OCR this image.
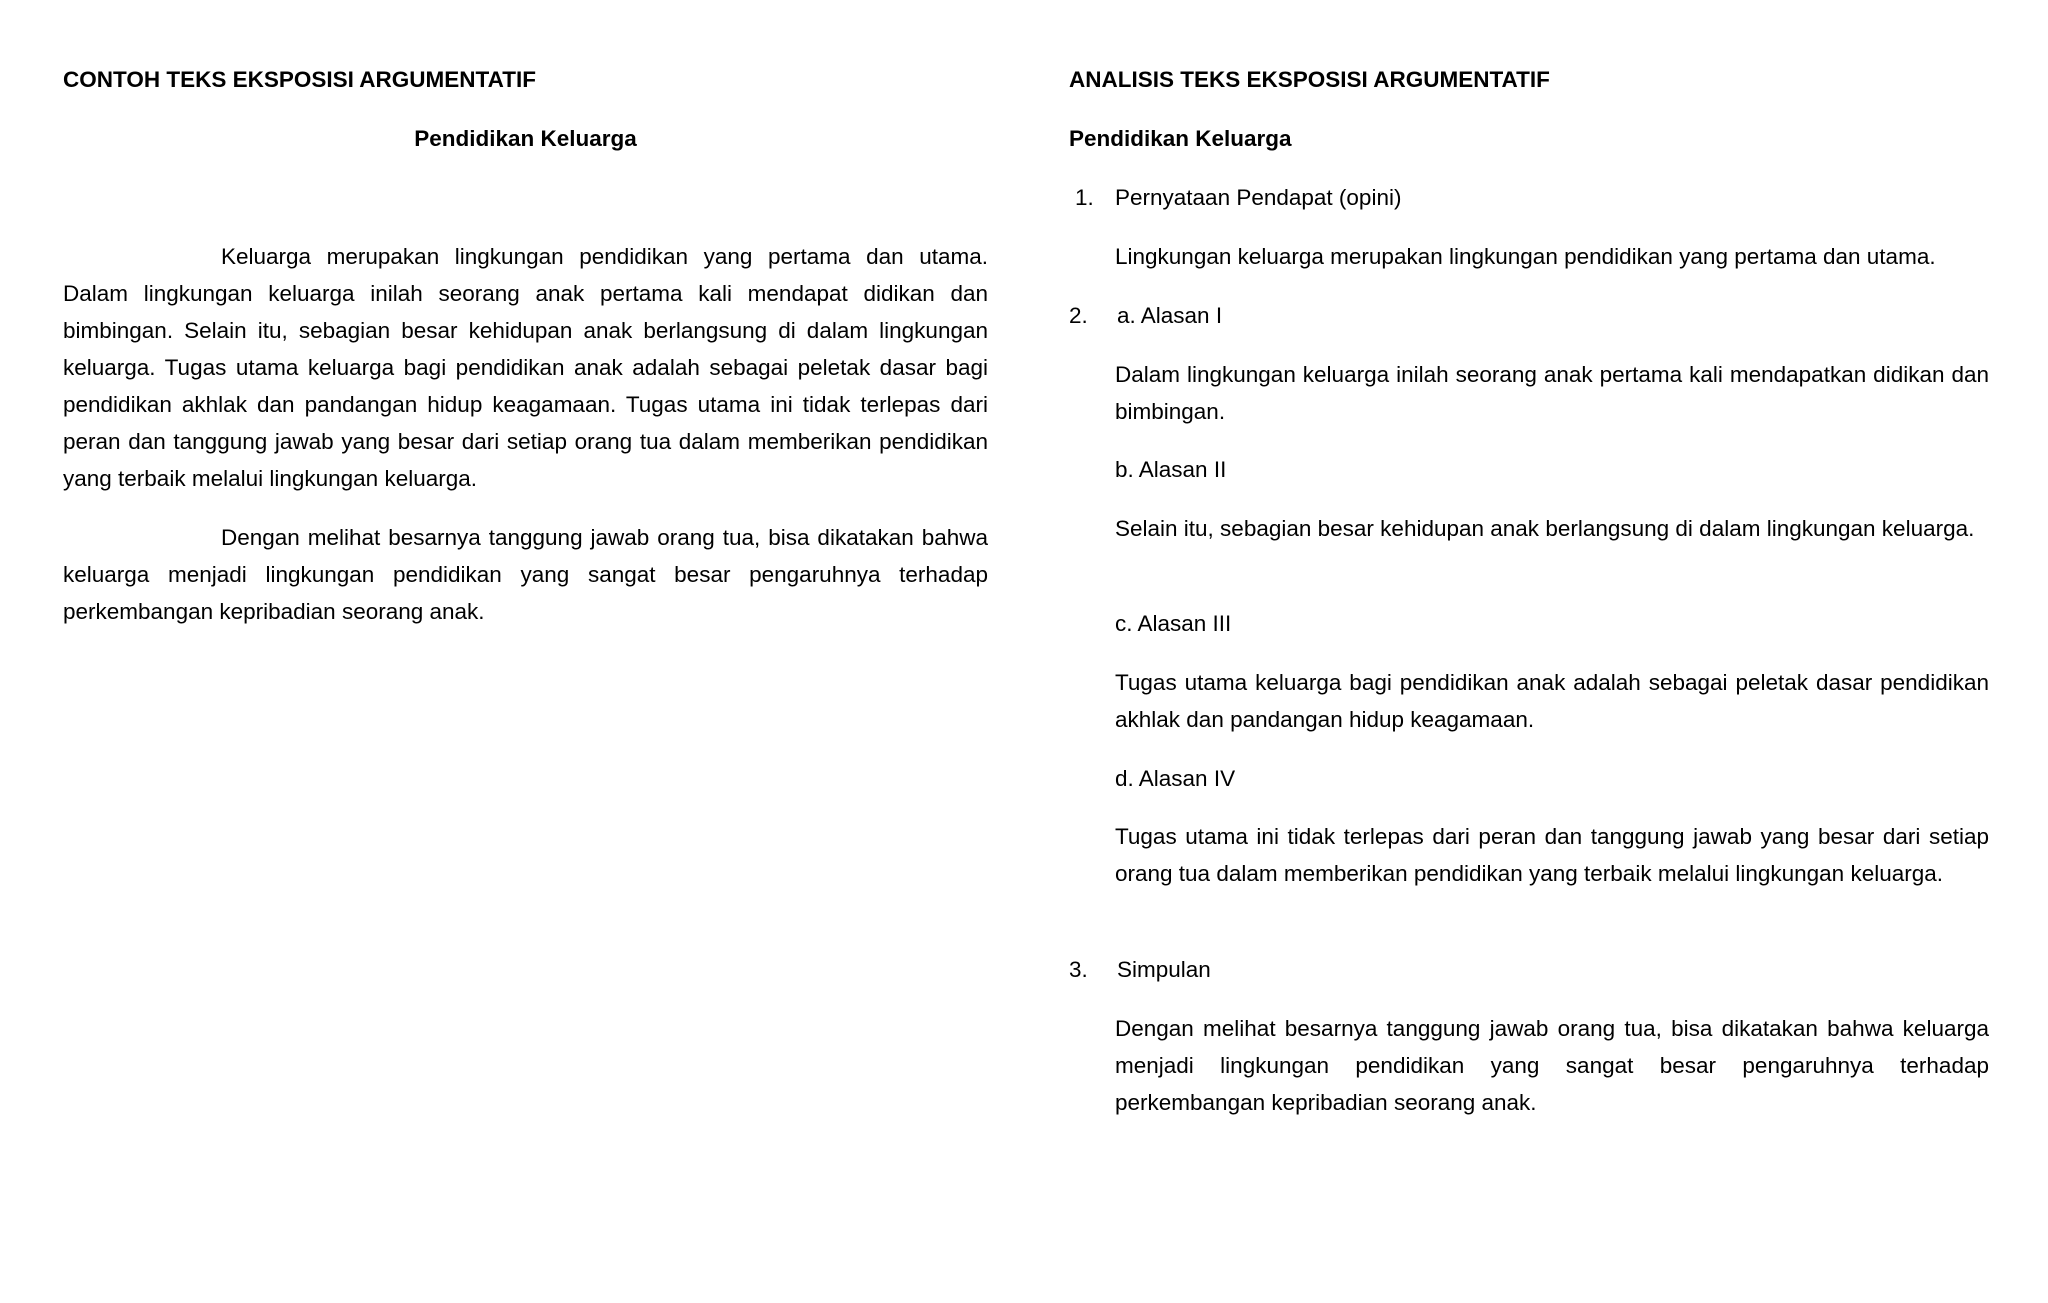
CONTOH TEKS EKSPOSISI ARGUMENTATIF
Pendidikan Keluarga

Keluarga merupakan lingkungan pendidikan yang pertama dan utama. Dalam lingkungan keluarga inilah seorang anak pertama kali mendapat didikan dan bimbingan. Selain itu, sebagian besar kehidupan anak berlangsung di dalam lingkungan keluarga. Tugas utama keluarga bagi pendidikan anak adalah sebagai peletak dasar bagi pendidikan akhlak dan pandangan hidup keagamaan. Tugas utama ini tidak terlepas dari peran dan tanggung jawab yang besar dari setiap orang tua dalam memberikan pendidikan yang terbaik melalui lingkungan keluarga.

Dengan melihat besarnya tanggung jawab orang tua, bisa dikatakan bahwa keluarga menjadi lingkungan pendidikan yang sangat besar pengaruhnya terhadap perkembangan kepribadian seorang anak.

ANALISIS TEKS EKSPOSISI ARGUMENTATIF
Pendidikan Keluarga
1. Pernyataan Pendapat (opini)

Lingkungan keluarga merupakan lingkungan pendidikan yang pertama dan utama.

2. a. Alasan I

Dalam lingkungan keluarga inilah seorang anak pertama kali mendapatkan didikan dan bimbingan.

b. Alasan II

Selain itu, sebagian besar kehidupan anak berlangsung di dalam lingkungan keluarga.

c. Alasan III

Tugas utama keluarga bagi pendidikan anak adalah sebagai peletak dasar pendidikan akhlak dan pandangan hidup keagamaan.

d. Alasan IV

Tugas utama ini tidak terlepas dari peran dan tanggung jawab yang besar dari setiap orang tua dalam memberikan pendidikan yang terbaik melalui lingkungan keluarga.

3. Simpulan

Dengan melihat besarnya tanggung jawab orang tua, bisa dikatakan bahwa keluarga menjadi lingkungan pendidikan yang sangat besar pengaruhnya terhadap perkembangan kepribadian seorang anak.
